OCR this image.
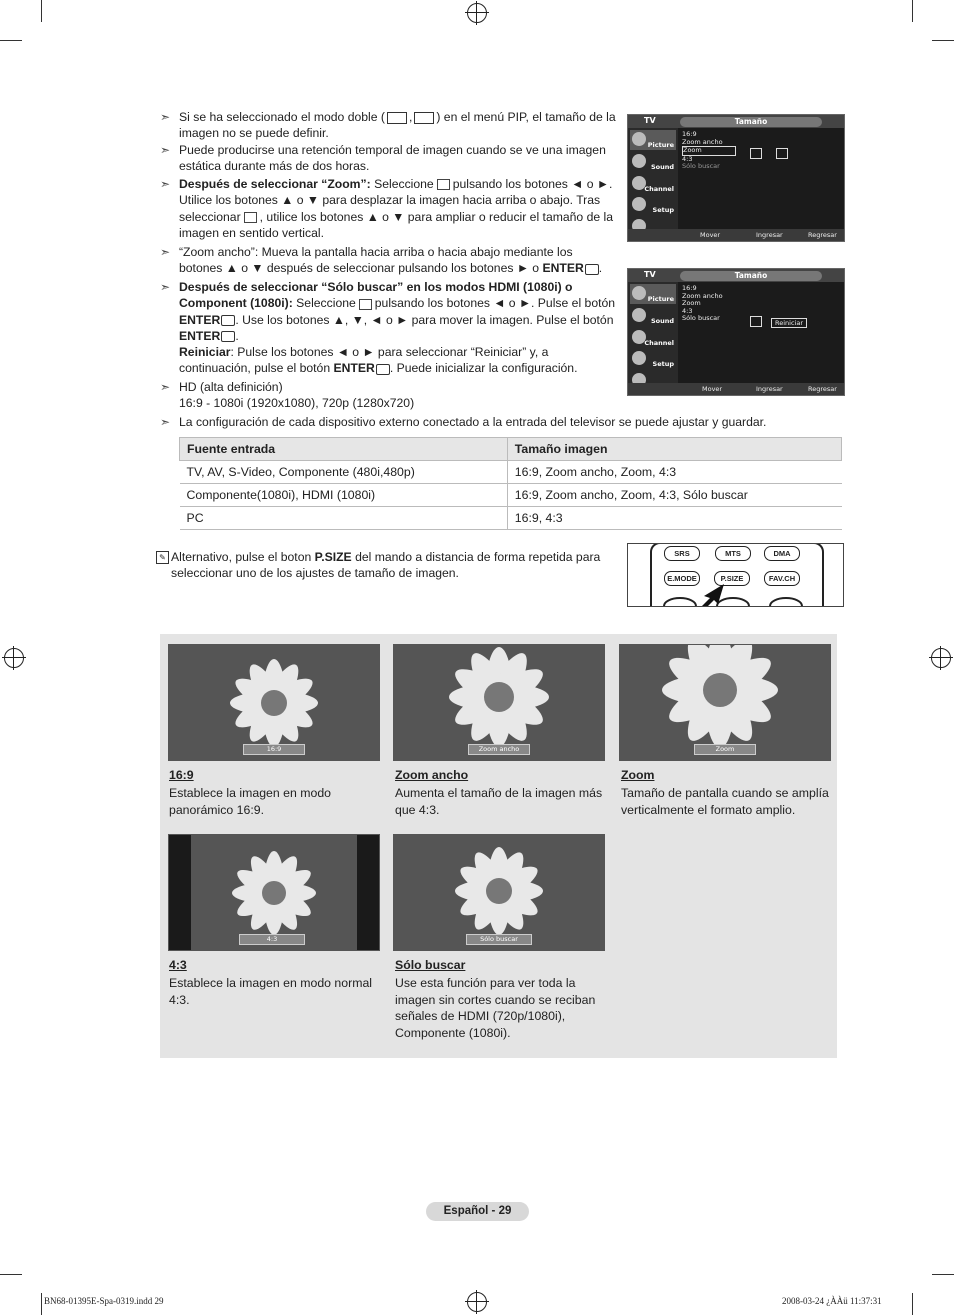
➣ Si se ha seleccionado el modo doble ( , ) en el menú PIP, el tamaño de la imagen no se puede definir.
➣ Puede producirse una retención temporal de imagen cuando se ve una imagen estática durante más de dos horas.
➣ Después de seleccionar “Zoom”: Seleccione pulsando los botones ◄ o ►. Utilice los botones ▲ o ▼ para desplazar la imagen hacia arriba o abajo. Tras seleccionar , utilice los botones ▲ o ▼ para ampliar o reducir el tamaño de la imagen en sentido vertical.
➣ “Zoom ancho”: Mueva la pantalla hacia arriba o hacia abajo mediante los botones ▲ o ▼ después de seleccionar pulsando los botones ► o ENTER .
➣ Después de seleccionar “Sólo buscar” en los modos HDMI (1080i) o Component (1080i): Seleccione pulsando los botones ◄ o ►. Pulse el botón ENTER . Use los botones ▲, ▼, ◄ o ► para mover la imagen. Pulse el botón ENTER .
Reiniciar: Pulse los botones ◄ o ► para seleccionar “Reiniciar” y, a continuación, pulse el botón ENTER . Puede inicializar la configuración.
➣ HD (alta definición)
16:9 - 1080i (1920x1080), 720p (1280x720)
➣ La configuración de cada dispositivo externo conectado a la entrada del televisor se puede ajustar y guardar.
TV	Tamaño
Picture
Sound
Channel
Setup
16:9
Zoom ancho
Zoom
4:3
Sólo buscar
Mover	Ingresar	Regresar
TV	Tamaño
Picture
Sound
Channel
Setup
16:9
Zoom ancho
Zoom
4:3
Sólo buscar
Reiniciar
Mover	Ingresar	Regresar
Fuente entrada	Tamaño imagen
TV, AV, S-Video, Componente (480i,480p)	16:9, Zoom ancho, Zoom, 4:3
Componente(1080i), HDMI (1080i)	16:9, Zoom ancho, Zoom, 4:3, Sólo buscar
PC	16:9, 4:3
✎ Alternativo, pulse el boton P.SIZE del mando a distancia de forma repetida para seleccionar uno de los ajustes de tamaño de imagen.
SRS	MTS	DMA
E.MODE	P.SIZE	FAV.CH
16:9	Zoom ancho	Zoom
16:9
Establece la imagen en modo panorámico 16:9.
Zoom ancho
Aumenta el tamaño de la imagen más que 4:3.
Zoom
Tamaño de pantalla cuando se amplía verticalmente el formato amplio.
4:3	Sólo buscar
4:3
Establece la imagen en modo normal 4:3.
Sólo buscar
Use esta función para ver toda la imagen sin cortes cuando se reciban señales de HDMI (720p/1080i), Componente (1080i).
Español - 29
BN68-01395E-Spa-0319.indd 29	2008-03-24 ¿ÀÀü 11:37:31
